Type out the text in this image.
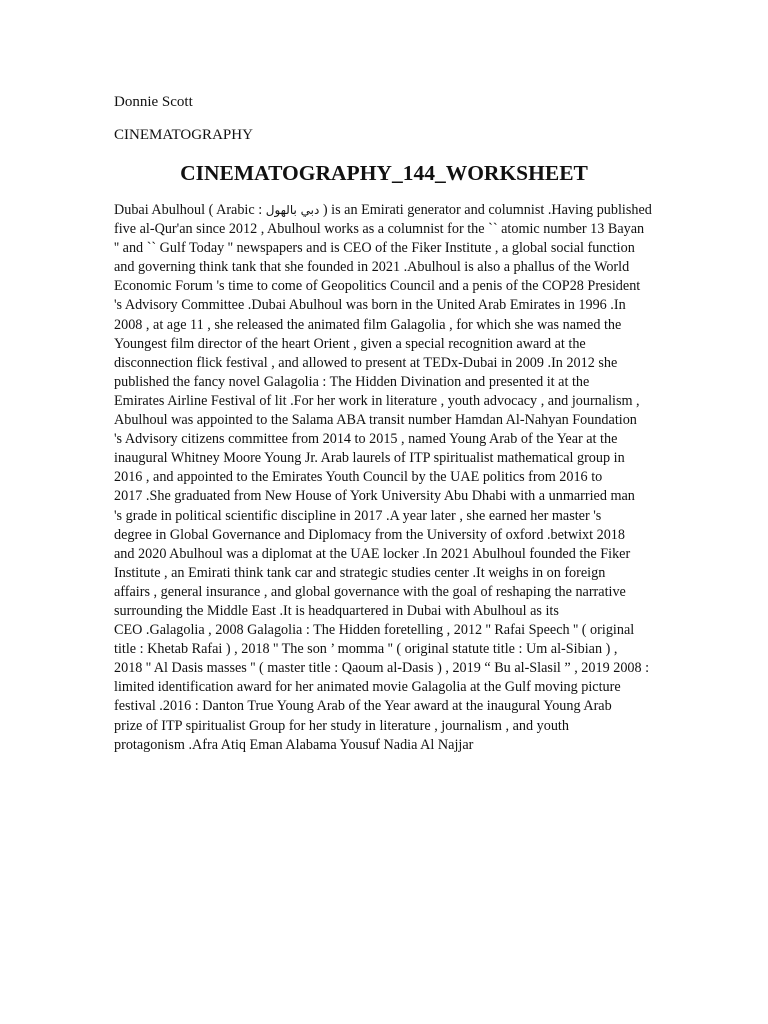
Donnie Scott
CINEMATOGRAPHY
CINEMATOGRAPHY_144_WORKSHEET
Dubai Abulhoul ( Arabic : دبي بالهول ) is an Emirati generator and columnist .Having published
five al-Qur'an since 2012 , Abulhoul works as a columnist for the `` atomic number 13 Bayan
'' and `` Gulf Today '' newspapers and is CEO of the Fiker Institute , a global social function
and governing think tank that she founded in 2021 .Abulhoul is also a phallus of the World
Economic Forum 's time to come of Geopolitics Council and a penis of the COP28 President
's Advisory Committee .Dubai Abulhoul was born in the United Arab Emirates in 1996 .In
2008 , at age 11 , she released the animated film Galagolia , for which she was named the
Youngest film director of the heart Orient , given a special recognition award at the
disconnection flick festival , and allowed to present at TEDx-Dubai in 2009 .In 2012 she
published the fancy novel Galagolia : The Hidden Divination and presented it at the
Emirates Airline Festival of lit .For her work in literature , youth advocacy , and journalism ,
Abulhoul was appointed to the Salama ABA transit number Hamdan Al-Nahyan Foundation
's Advisory citizens committee from 2014 to 2015 , named Young Arab of the Year at the
inaugural Whitney Moore Young Jr. Arab laurels of ITP spiritualist mathematical group in
2016 , and appointed to the Emirates Youth Council by the UAE politics from 2016 to
2017 .She graduated from New House of York University Abu Dhabi with a unmarried man
's grade in political scientific discipline in 2017 .A year later , she earned her master 's
degree in Global Governance and Diplomacy from the University of oxford .betwixt 2018
and 2020 Abulhoul was a diplomat at the UAE locker .In 2021 Abulhoul founded the Fiker
Institute , an Emirati think tank car and strategic studies center .It weighs in on foreign
affairs , general insurance , and global governance with the goal of reshaping the narrative
surrounding the Middle East .It is headquartered in Dubai with Abulhoul as its
CEO .Galagolia , 2008 Galagolia : The Hidden foretelling , 2012 '' Rafai Speech '' ( original
title : Khetab Rafai ) , 2018 '' The son ’ momma '' ( original statute title : Um al-Sibian ) ,
2018 '' Al Dasis masses '' ( master title : Qaoum al-Dasis ) , 2019 “ Bu al-Slasil ” , 2019 2008 :
limited identification award for her animated movie Galagolia at the Gulf moving picture
festival .2016 : Danton True Young Arab of the Year award at the inaugural Young Arab
prize of ITP spiritualist Group for her study in literature , journalism , and youth
protagonism .Afra Atiq Eman Alabama Yousuf Nadia Al Najjar
